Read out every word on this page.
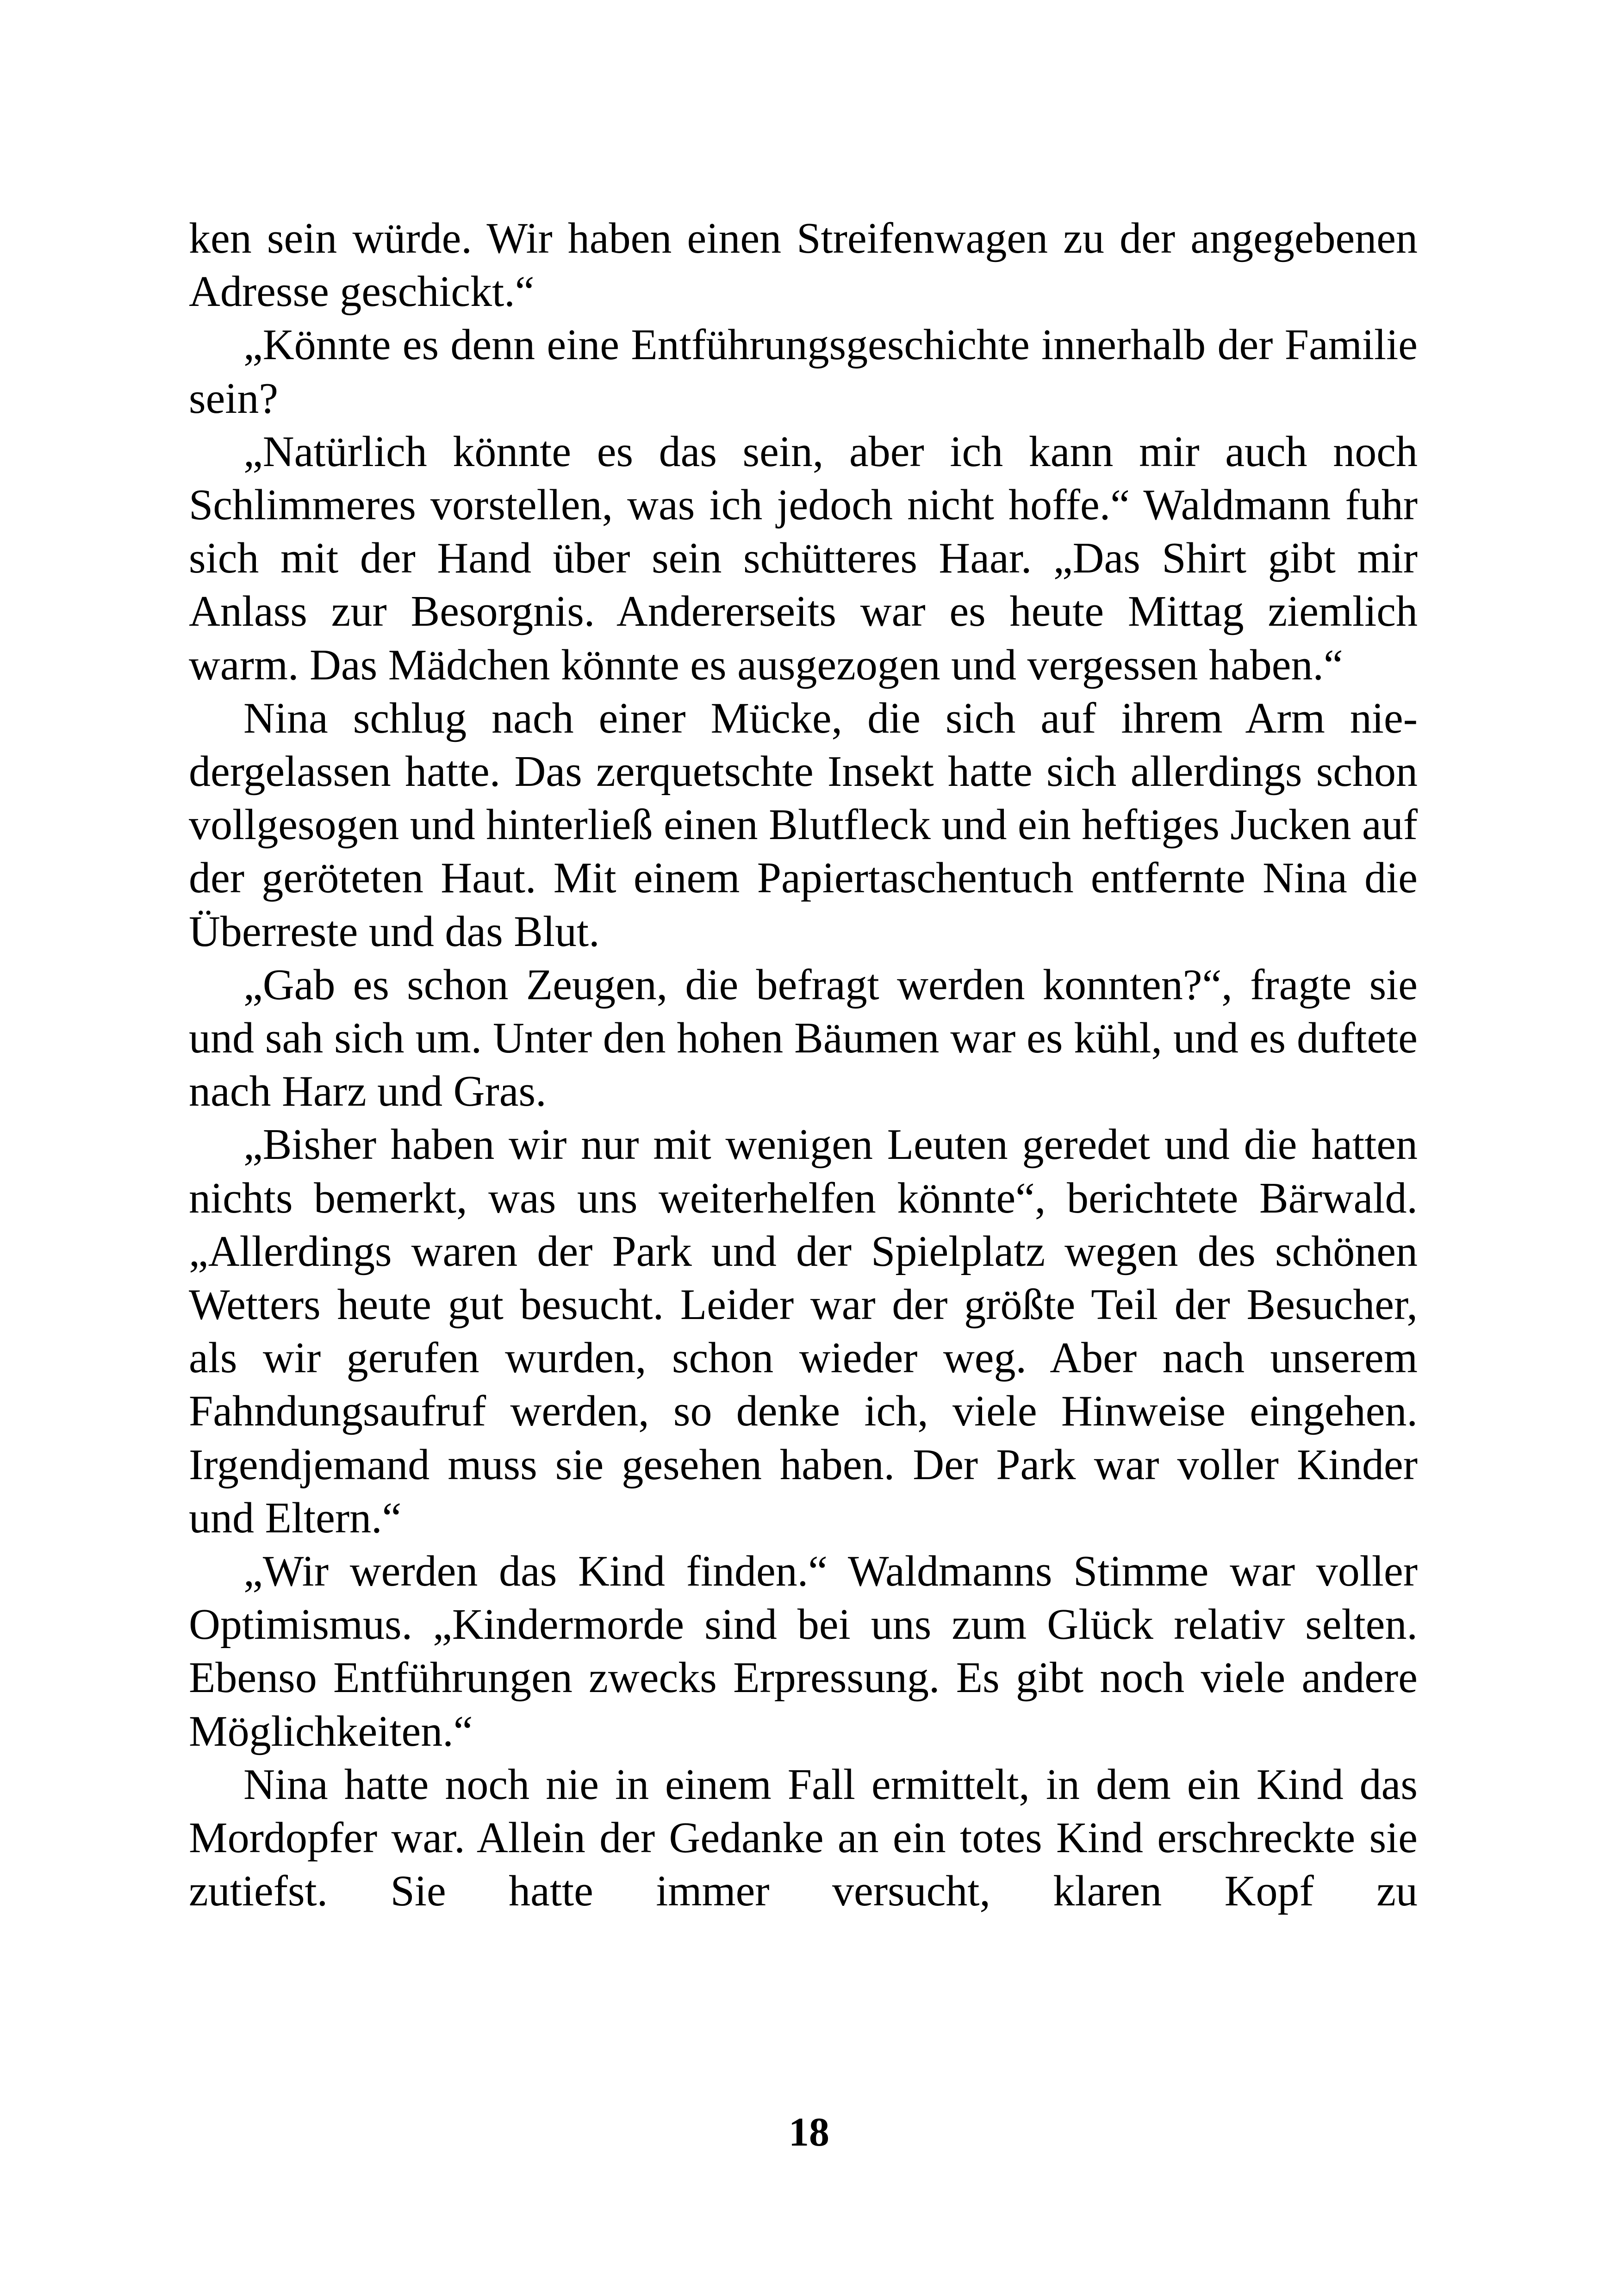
ken sein würde. Wir haben einen Streifenwagen zu der angegebenen Adresse geschickt.“

„Könnte es denn eine Entführungsgeschichte innerhalb der Familie sein?

„Natürlich könnte es das sein, aber ich kann mir auch noch Schlimmeres vorstellen, was ich jedoch nicht hoffe.“ Waldmann fuhr sich mit der Hand über sein schütteres Haar. „Das Shirt gibt mir Anlass zur Besorgnis. Andererseits war es heute Mittag ziemlich warm. Das Mädchen könnte es ausgezogen und vergessen haben.“

Nina schlug nach einer Mücke, die sich auf ihrem Arm niedergelassen hatte. Das zerquetschte Insekt hatte sich allerdings schon vollgesogen und hinterließ einen Blutfleck und ein heftiges Jucken auf der geröteten Haut. Mit einem Papiertaschentuch entfernte Nina die Überreste und das Blut.

„Gab es schon Zeugen, die befragt werden konnten?“, fragte sie und sah sich um. Unter den hohen Bäumen war es kühl, und es duftete nach Harz und Gras.

„Bisher haben wir nur mit wenigen Leuten geredet und die hatten nichts bemerkt, was uns weiterhelfen könnte“, berichtete Bärwald. „Allerdings waren der Park und der Spielplatz wegen des schönen Wetters heute gut besucht. Leider war der größte Teil der Besucher, als wir gerufen wurden, schon wieder weg. Aber nach unserem Fahndungsaufruf werden, so denke ich, viele Hinweise eingehen. Irgendjemand muss sie gesehen haben. Der Park war voller Kinder und Eltern.“

„Wir werden das Kind finden.“ Waldmanns Stimme war voller Optimismus. „Kindermorde sind bei uns zum Glück relativ selten. Ebenso Entführungen zwecks Erpressung. Es gibt noch viele andere Möglichkeiten.“

Nina hatte noch nie in einem Fall ermittelt, in dem ein Kind das Mordopfer war. Allein der Gedanke an ein totes Kind erschreckte sie zutiefst. Sie hatte immer versucht, klaren Kopf zu

18
